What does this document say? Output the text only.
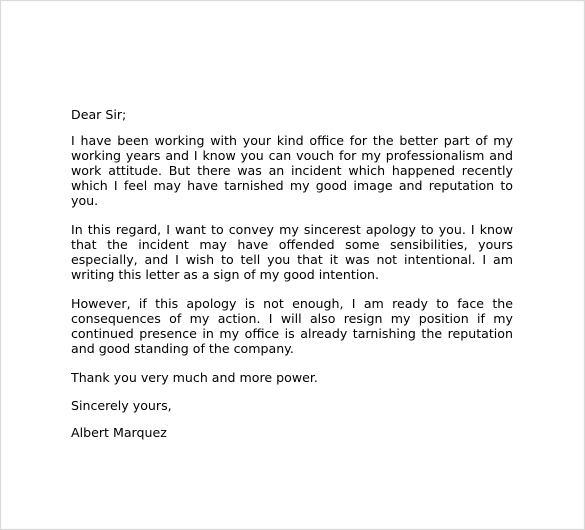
Dear Sir;

I have been working with your kind office for the better part of my working years and I know you can vouch for my professionalism and work attitude. But there was an incident which happened recently which I feel may have tarnished my good image and reputation to you.

In this regard, I want to convey my sincerest apology to you. I know that the incident may have offended some sensibilities, yours especially, and I wish to tell you that it was not intentional. I am writing this letter as a sign of my good intention.

However, if this apology is not enough, I am ready to face the consequences of my action. I will also resign my position if my continued presence in my office is already tarnishing the reputation and good standing of the company.

Thank you very much and more power.

Sincerely yours,

Albert Marquez
